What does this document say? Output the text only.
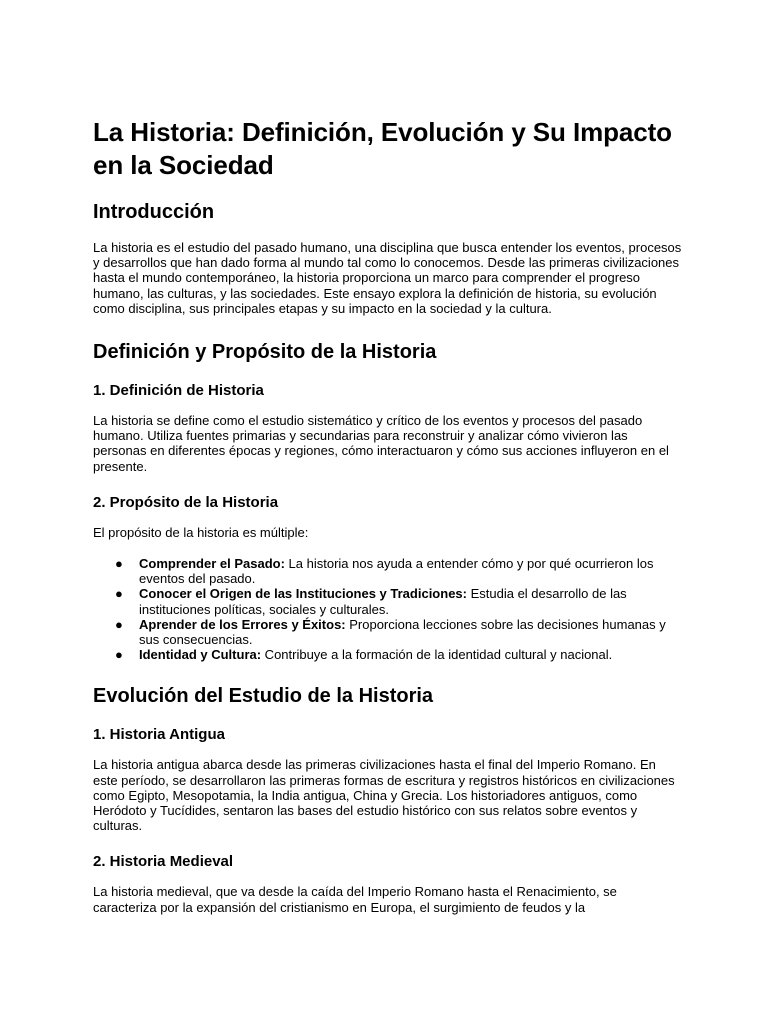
La Historia: Definición, Evolución y Su Impacto en la Sociedad
Introducción

La historia es el estudio del pasado humano, una disciplina que busca entender los eventos, procesos y desarrollos que han dado forma al mundo tal como lo conocemos. Desde las primeras civilizaciones hasta el mundo contemporáneo, la historia proporciona un marco para comprender el progreso humano, las culturas, y las sociedades. Este ensayo explora la definición de historia, su evolución como disciplina, sus principales etapas y su impacto en la sociedad y la cultura.

Definición y Propósito de la Historia
1. Definición de Historia

La historia se define como el estudio sistemático y crítico de los eventos y procesos del pasado humano. Utiliza fuentes primarias y secundarias para reconstruir y analizar cómo vivieron las personas en diferentes épocas y regiones, cómo interactuaron y cómo sus acciones influyeron en el presente.

2. Propósito de la Historia

El propósito de la historia es múltiple:

● Comprender el Pasado: La historia nos ayuda a entender cómo y por qué ocurrieron los eventos del pasado.
● Conocer el Origen de las Instituciones y Tradiciones: Estudia el desarrollo de las instituciones políticas, sociales y culturales.
● Aprender de los Errores y Éxitos: Proporciona lecciones sobre las decisiones humanas y sus consecuencias.
● Identidad y Cultura: Contribuye a la formación de la identidad cultural y nacional.
Evolución del Estudio de la Historia
1. Historia Antigua

La historia antigua abarca desde las primeras civilizaciones hasta el final del Imperio Romano. En este período, se desarrollaron las primeras formas de escritura y registros históricos en civilizaciones como Egipto, Mesopotamia, la India antigua, China y Grecia. Los historiadores antiguos, como Heródoto y Tucídides, sentaron las bases del estudio histórico con sus relatos sobre eventos y culturas.

2. Historia Medieval

La historia medieval, que va desde la caída del Imperio Romano hasta el Renacimiento, se caracteriza por la expansión del cristianismo en Europa, el surgimiento de feudos y la
